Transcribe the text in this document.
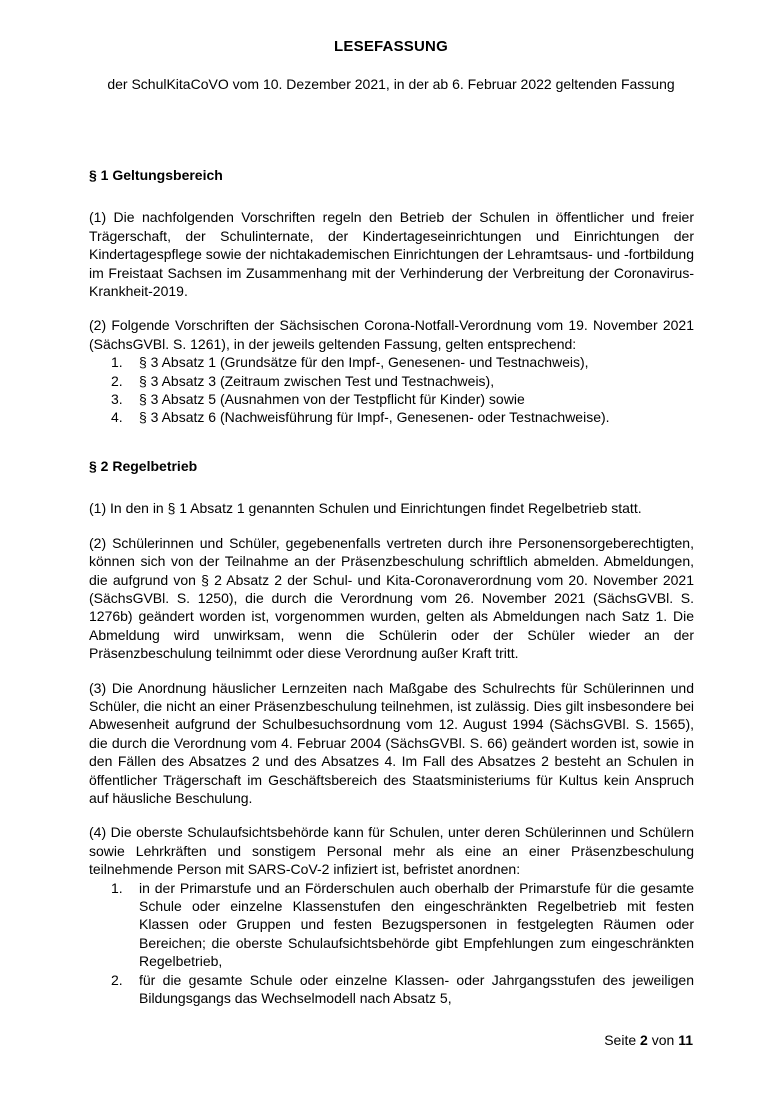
LESEFASSUNG
der SchulKitaCoVO vom 10. Dezember 2021, in der ab 6. Februar 2022 geltenden Fassung
§ 1 Geltungsbereich

(1) Die nachfolgenden Vorschriften regeln den Betrieb der Schulen in öffentlicher und freier Trägerschaft, der Schulinternate, der Kindertageseinrichtungen und Einrichtungen der Kindertagespflege sowie der nichtakademischen Einrichtungen der Lehramtsaus- und -fortbildung im Freistaat Sachsen im Zusammenhang mit der Verhinderung der Verbreitung der Coronavirus-Krankheit-2019.

(2) Folgende Vorschriften der Sächsischen Corona-Notfall-Verordnung vom 19. November 2021 (SächsGVBl. S. 1261), in der jeweils geltenden Fassung, gelten entsprechend:

1.	§ 3 Absatz 1 (Grundsätze für den Impf-, Genesenen- und Testnachweis),
2.	§ 3 Absatz 3 (Zeitraum zwischen Test und Testnachweis),
3.	§ 3 Absatz 5 (Ausnahmen von der Testpflicht für Kinder) sowie
4.	§ 3 Absatz 6 (Nachweisführung für Impf-, Genesenen- oder Testnachweise).
§ 2 Regelbetrieb

(1) In den in § 1 Absatz 1 genannten Schulen und Einrichtungen findet Regelbetrieb statt.

(2) Schülerinnen und Schüler, gegebenenfalls vertreten durch ihre Personensorgeberechtigten, können sich von der Teilnahme an der Präsenzbeschulung schriftlich abmelden. Abmeldungen, die aufgrund von § 2 Absatz 2 der Schul- und Kita-Coronaverordnung vom 20. November 2021 (SächsGVBl. S. 1250), die durch die Verordnung vom 26. November 2021 (SächsGVBl. S. 1276b) geändert worden ist, vorgenommen wurden, gelten als Abmeldungen nach Satz 1. Die Abmeldung wird unwirksam, wenn die Schülerin oder der Schüler wieder an der Präsenzbeschulung teilnimmt oder diese Verordnung außer Kraft tritt.

(3) Die Anordnung häuslicher Lernzeiten nach Maßgabe des Schulrechts für Schülerinnen und Schüler, die nicht an einer Präsenzbeschulung teilnehmen, ist zulässig. Dies gilt insbesondere bei Abwesenheit aufgrund der Schulbesuchsordnung vom 12. August 1994 (SächsGVBl. S. 1565), die durch die Verordnung vom 4. Februar 2004 (SächsGVBl. S. 66) geändert worden ist, sowie in den Fällen des Absatzes 2 und des Absatzes 4. Im Fall des Absatzes 2 besteht an Schulen in öffentlicher Trägerschaft im Geschäftsbereich des Staatsministeriums für Kultus kein Anspruch auf häusliche Beschulung.

(4) Die oberste Schulaufsichtsbehörde kann für Schulen, unter deren Schülerinnen und Schülern sowie Lehrkräften und sonstigem Personal mehr als eine an einer Präsenzbeschulung teilnehmende Person mit SARS-CoV-2 infiziert ist, befristet anordnen:

1.	in der Primarstufe und an Förderschulen auch oberhalb der Primarstufe für die gesamte Schule oder einzelne Klassenstufen den eingeschränkten Regelbetrieb mit festen Klassen oder Gruppen und festen Bezugspersonen in festgelegten Räumen oder Bereichen; die oberste Schulaufsichtsbehörde gibt Empfehlungen zum eingeschränkten Regelbetrieb,
2.	für die gesamte Schule oder einzelne Klassen- oder Jahrgangsstufen des jeweiligen Bildungsgangs das Wechselmodell nach Absatz 5,
Seite 2 von 11
